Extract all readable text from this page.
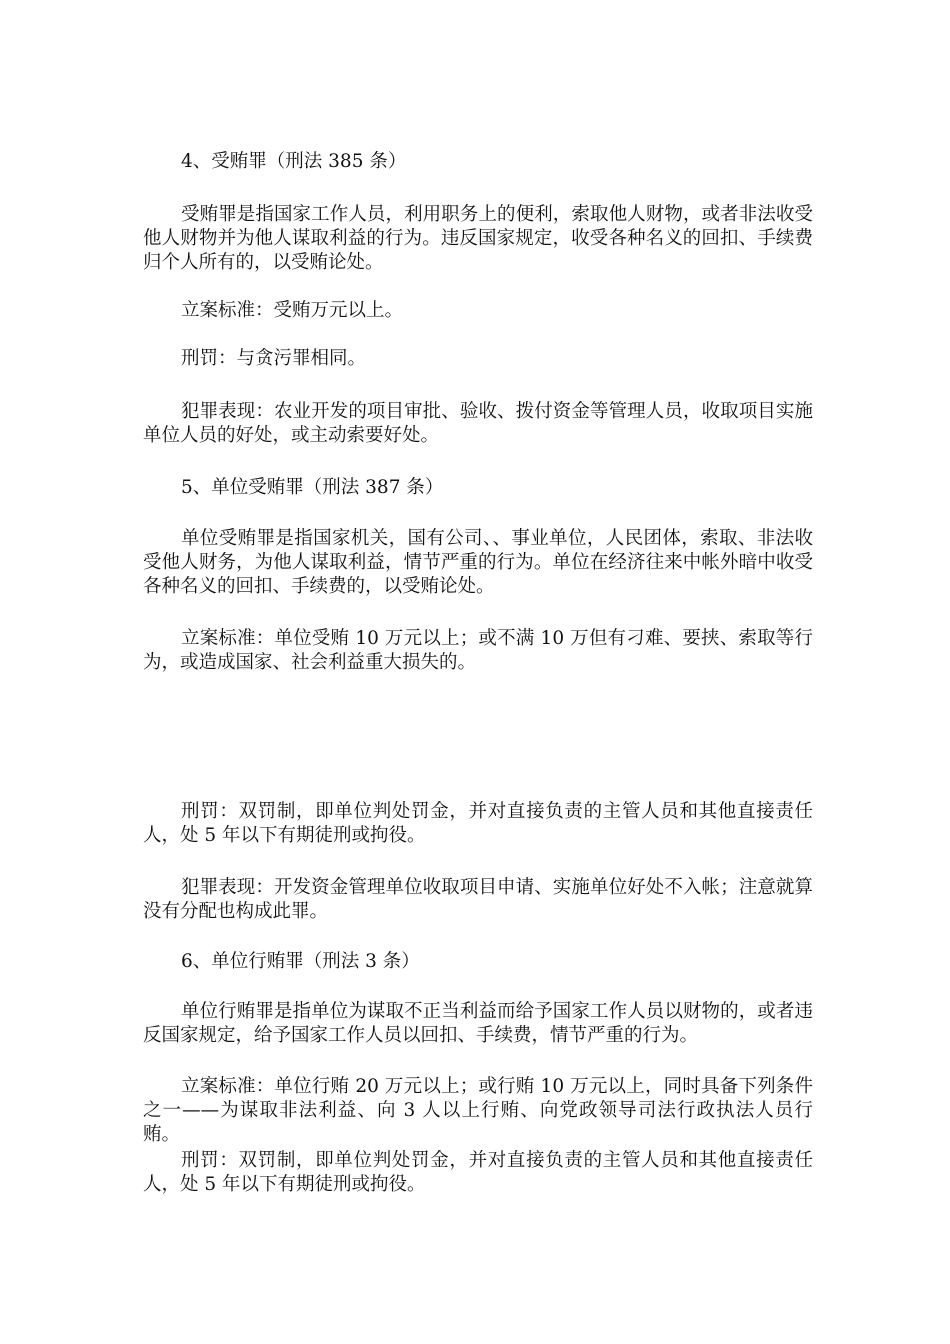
4、受贿罪（刑法 385 条）

受贿罪是指国家工作人员，利用职务上的便利，索取他人财物，或者非法收受他人财物并为他人谋取利益的行为。违反国家规定，收受各种名义的回扣、手续费归个人所有的，以受贿论处。

立案标准：受贿万元以上。

刑罚：与贪污罪相同。

犯罪表现：农业开发的项目审批、验收、拨付资金等管理人员，收取项目实施单位人员的好处，或主动索要好处。

5、单位受贿罪（刑法 387 条）

单位受贿罪是指国家机关，国有公司、、事业单位，人民团体，索取、非法收受他人财务，为他人谋取利益，情节严重的行为。单位在经济往来中帐外暗中收受各种名义的回扣、手续费的，以受贿论处。

立案标准：单位受贿 10 万元以上；或不满 10 万但有刁难、要挟、索取等行为，或造成国家、社会利益重大损失的。

刑罚：双罚制，即单位判处罚金，并对直接负责的主管人员和其他直接责任人，处 5 年以下有期徒刑或拘役。

犯罪表现：开发资金管理单位收取项目申请、实施单位好处不入帐；注意就算没有分配也构成此罪。

6、单位行贿罪（刑法 3 条）

单位行贿罪是指单位为谋取不正当利益而给予国家工作人员以财物的，或者违反国家规定，给予国家工作人员以回扣、手续费，情节严重的行为。

立案标准：单位行贿 20 万元以上；或行贿 10 万元以上，同时具备下列条件之一——为谋取非法利益、向 3 人以上行贿、向党政领导司法行政执法人员行贿。

刑罚：双罚制，即单位判处罚金，并对直接负责的主管人员和其他直接责任人，处 5 年以下有期徒刑或拘役。
